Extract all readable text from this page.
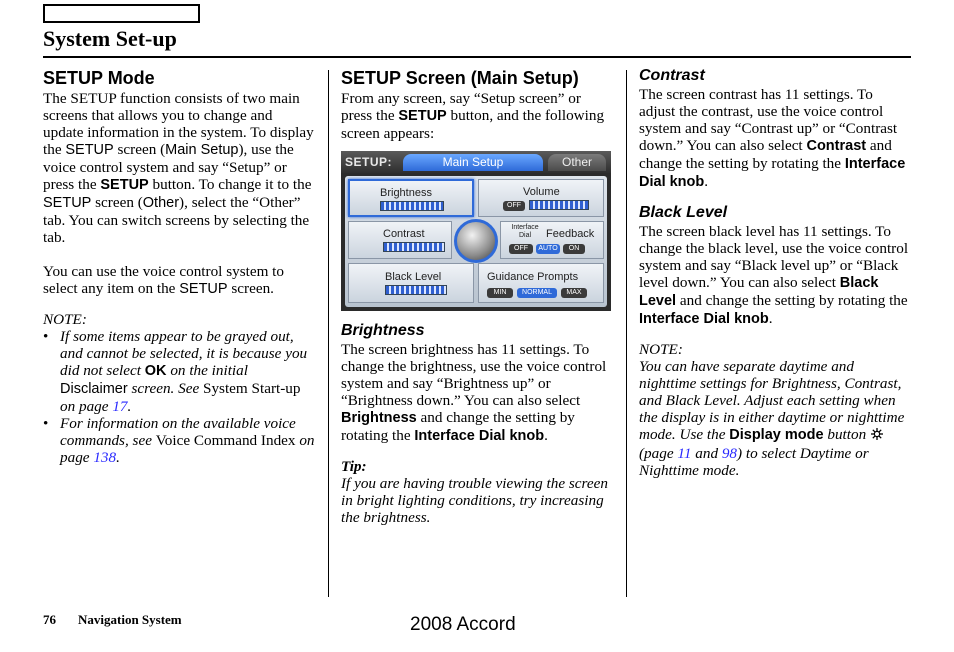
System Set-up
SETUP Mode

The SETUP function consists of two main screens that allows you to change and update information in the system. To display the SETUP screen (Main Setup), use the voice control system and say “Setup” or press the SETUP button. To change it to the SETUP screen (Other), select the “Other” tab. You can switch screens by selecting the tab.

You can use the voice control system to select any item on the SETUP screen.

NOTE:

• If some items appear to be grayed out, and cannot be selected, it is because you did not select OK on the initial Disclaimer screen. See System Start-up on page 17.
• For information on the available voice commands, see Voice Command Index on page 138.
SETUP Screen (Main Setup)

From any screen, say “Setup screen” or press the SETUP button, and the following screen appears:

SETUP:	Main Setup	Other
Brightness	Volume
OFF
Contrast
Interface Dial	Feedback
OFF	AUTO	ON
Black Level	Guidance Prompts
MIN	NORMAL	MAX
Brightness

The screen brightness has 11 settings. To change the brightness, use the voice control system and say “Brightness up” or “Brightness down.” You can also select Brightness and change the setting by rotating the Interface Dial knob.

Tip:

If you are having trouble viewing the screen in bright lighting conditions, try increasing the brightness.

Contrast

The screen contrast has 11 settings. To adjust the contrast, use the voice control system and say “Contrast up” or “Contrast down.” You can also select Contrast and change the setting by rotating the Interface Dial knob.

Black Level

The screen black level has 11 settings. To change the black level, use the voice control system and say “Black level up” or “Black level down.” You can also select Black Level and change the setting by rotating the Interface Dial knob.

NOTE:

You can have separate daytime and nighttime settings for Brightness, Contrast, and Black Level. Adjust each setting when the display is in either daytime or nighttime mode. Use the Display mode button  (page 11 and 98) to select Daytime or Nighttime mode.

76 Navigation System	2008 Accord
